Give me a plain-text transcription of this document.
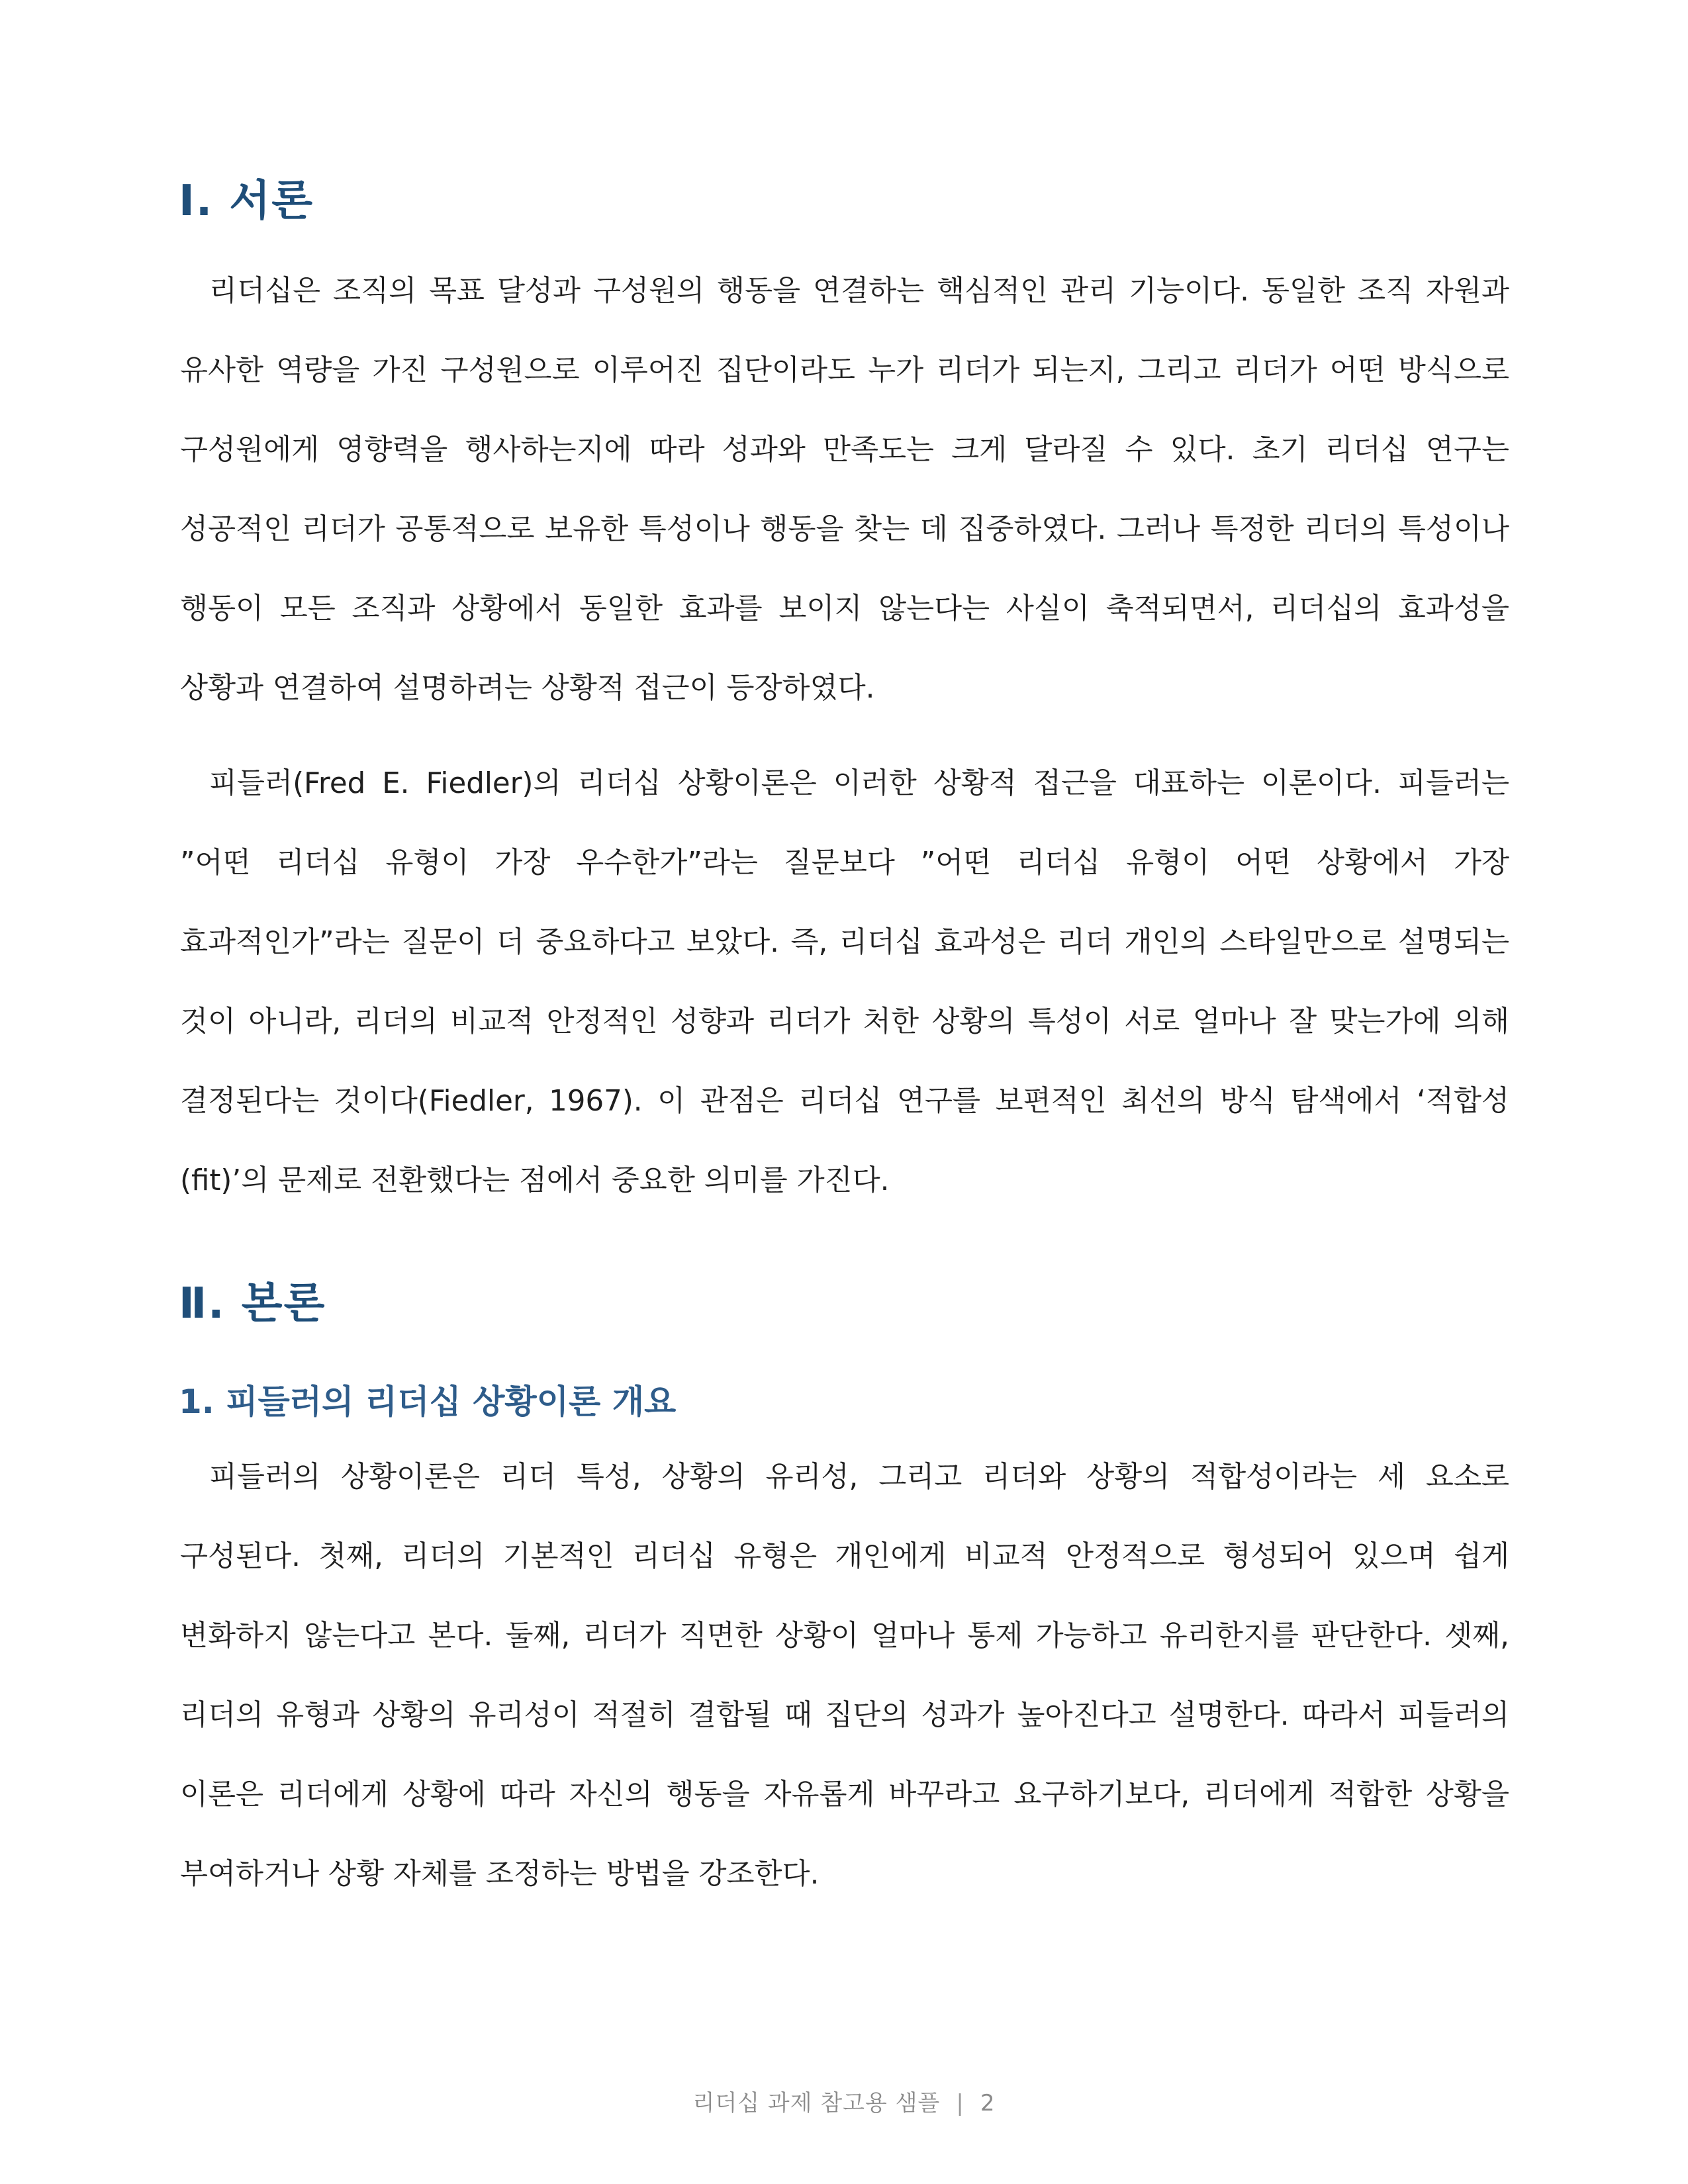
Ⅰ. 서론

리더십은 조직의 목표 달성과 구성원의 행동을 연결하는 핵심적인 관리 기능이다. 동일한 조직 자원과 유사한 역량을 가진 구성원으로 이루어진 집단이라도 누가 리더가 되는지, 그리고 리더가 어떤 방식으로 구성원에게 영향력을 행사하는지에 따라 성과와 만족도는 크게 달라질 수 있다. 초기 리더십 연구는 성공적인 리더가 공통적으로 보유한 특성이나 행동을 찾는 데 집중하였다. 그러나 특정한 리더의 특성이나 행동이 모든 조직과 상황에서 동일한 효과를 보이지 않는다는 사실이 축적되면서, 리더십의 효과성을 상황과 연결하여 설명하려는 상황적 접근이 등장하였다.

피들러(Fred E. Fiedler)의 리더십 상황이론은 이러한 상황적 접근을 대표하는 이론이다. 피들러는 ”어떤 리더십 유형이 가장 우수한가”라는 질문보다 ”어떤 리더십 유형이 어떤 상황에서 가장 효과적인가”라는 질문이 더 중요하다고 보았다. 즉, 리더십 효과성은 리더 개인의 스타일만으로 설명되는 것이 아니라, 리더의 비교적 안정적인 성향과 리더가 처한 상황의 특성이 서로 얼마나 잘 맞는가에 의해 결정된다는 것이다(Fiedler, 1967). 이 관점은 리더십 연구를 보편적인 최선의 방식 탐색에서 ‘적합성(fit)’의 문제로 전환했다는 점에서 중요한 의미를 가진다.

Ⅱ. 본론
1. 피들러의 리더십 상황이론 개요

피들러의 상황이론은 리더 특성, 상황의 유리성, 그리고 리더와 상황의 적합성이라는 세 요소로 구성된다. 첫째, 리더의 기본적인 리더십 유형은 개인에게 비교적 안정적으로 형성되어 있으며 쉽게 변화하지 않는다고 본다. 둘째, 리더가 직면한 상황이 얼마나 통제 가능하고 유리한지를 판단한다. 셋째, 리더의 유형과 상황의 유리성이 적절히 결합될 때 집단의 성과가 높아진다고 설명한다. 따라서 피들러의 이론은 리더에게 상황에 따라 자신의 행동을 자유롭게 바꾸라고 요구하기보다, 리더에게 적합한 상황을 부여하거나 상황 자체를 조정하는 방법을 강조한다.

리더십 과제 참고용 샘플 | 2
